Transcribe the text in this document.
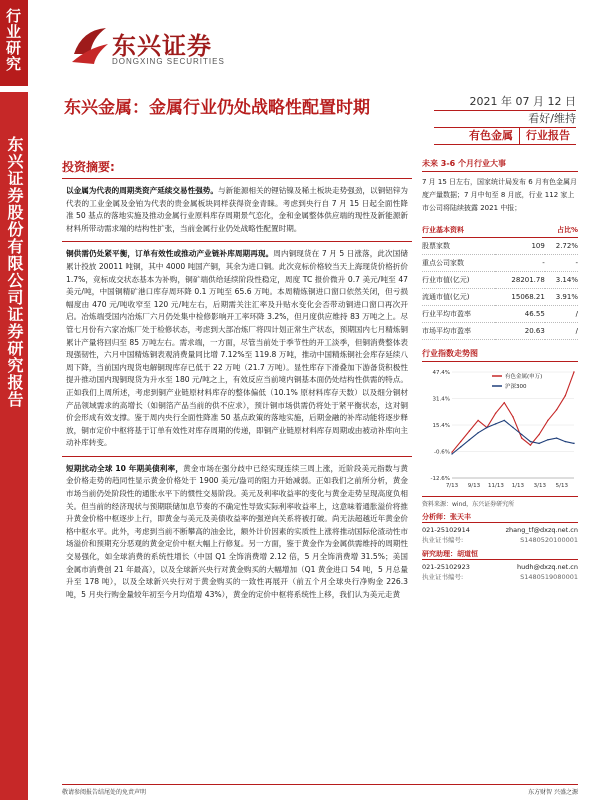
行业研究
东兴证券股份有限公司证券研究报告
东兴证券
DONGXING SECURITIES
东兴金属：金属行业仍处战略性配置时期	2021 年 07 月 12 日
看好/维持
有色金属	行业报告
投资摘要:

以金属为代表的周期类资产延续交易性强势。与新能源相关的锂钴镍及稀土板块走势强劲，以铜铝锌为代表的工业金属及金铂为代表的贵金属板块同样获得资金青睐。考虑到央行自 7 月 15 日起全面性降准 50 基点的落地实施及推动金属行业原料库存周期景气恋化，金和金属整体供应端的现性及新能源新材料所带动需求端的结构性扩张，当前金属行业仍处战略性配置时期。

铜供需仍处紧平衡，订单有效性或推动产业链补库周期再现。周内铜现货在 7 月 5 日涨落，此次国储累计投放 20011 吨铜，其中 4000 吨国产铜，其余为进口铜。此次竞标价格较当天上海现货价格折价 1.7%，竞标成交状态基本为补购，铜矿端供给延续阶段性稳定，周度 TC 报价微升 0.7 美元/吨至 47 美元/吨，中国铜精矿港口库存周环降 0.1 万吨至 65.6 万吨。本周精炼铜进口窗口依然关闭，但亏损幅度由 470 元/吨收窄至 120 元/吨左右，后期需关注汇率及升贴水变化会否带动铜进口窗口再次开启。冶炼端受国内冶炼厂六月仍处集中检修影响开工率环降 3.2%，但月度供应维持 83 万吨之上。尽管七月份有六家冶炼厂处于检修状态，考虑到大部冶炼厂将四计划正常生产状态，预期国内七月精炼铜累计产量将回归至 85 万吨左右。需求端，一方面，尽管当前处于季节性的开工淡季，但铜消费整体表现强韧性，六月中国精炼铜表观消费量同比增 7.12%至 119.8 万吨，推动中国精炼铜社会库存延续八周下降，当前国内现货电解铜现库存已低于 22 万吨（21.7 万吨）。显性库存下滑叠加下游备货积极性提升推动国内现铜现货为升水至 180 元/吨之上，有效反应当前境内铜基本面仍处结构性供需的特点。正如我们上周所述，考虑到铜产业链原材料库存的整体偏低（10.1% 原材料库存天数）以及细分铜材产品领域需求的高增长（如铜箔产品当前的供不应求），预计铜市场供需仍将处于紧平衡状态，这对铜价会形成有效支撑。鉴于周内央行全面性降准 50 基点政策的落地实施，后期金融的补库动能将逐步释放，铜市定价中枢将基于订单有效性对库存周期的传递，即铜产业链原材料库存周期或由被动补库向主动补库转变。

短期扰动全球 10 年期美债利率，黄金市场在强分歧中已经实现连续三周上涨，近阶段美元指数与黄金价格走势的趋同性显示黄金价格处于 1900 美元/盎司的阻力开始减弱。正如我们之前所分析，黄金市场当前仍处阶段性的通胀水平下的惯性交易阶段。美元及利率收益率的变化与黄金走势呈现高度负相关。但当前的经济现状与预期联储加息节奏的不确定性导致实际利率收益率上，这意味着通胀溢价将推升黄金价格中枢逐步上行，即黄金与美元及美债收益率的强逆向关系将被打破。尚无法超越近年黄金价格中枢水平。此外，考虑到当前不断攀高的油金比，额外计价因素的实质性上涨将推动国际伦渣动性市场溢价和预期充分恶观的黄金定价中枢大幅上行修复。另一方面，鉴于黄金作为金属供需维持的周期性交易强化，如全球消费的系统性增长（中国 Q1 全饰消费增 2.12 倍，5 月全饰消费增 31.5%；美国金属市消费创 21 年最高），以及全球新兴央行对黄金购买的大幅增加（Q1 黄金进口 54 吨，5 月总量升至 178 吨），以及全球新兴央行对于黄金购买的一致性再展开（前五个月全球央行净购金 226.3 吨，5 月央行购金量较年初至今月均值增 43%），黄金的定价中枢将系统性上移，我们认为美元走黄

未来 3-6 个月行业大事
7 月 15 日左右，国家统计局发布 6 月有色金属月度产量数据；7 月中旬至 8 月底，行业 112 家上市公司将陆续披露 2021 中报；
行业基本资料		占比%
股票家数	109	2.72%
重点公司家数	-	-
行业市值(亿元)	28201.78	3.14%
流通市值(亿元)	15068.21	3.91%
行业平均市盈率	46.55	/
市场平均市盈率	20.63	/
行业指数走势图
47.4%
31.4%
15.4%
-0.6%
-12.6%
7/13 9/13 11/13 1/13 3/13 5/13
有色金属(申万)
沪深300
资料来源：wind，东兴证券研究所
分析师：张天丰
021-25102914	zhang_tf@dxzq.net.cn
执业证书编号:	S1480520100001
研究助理：胡道恒
021-25102923	hudh@dxzq.net.cn
执业证书编号:	S1480519080001
敬请参阅报告结尾处的免责声明	东方财智 兴盛之源
